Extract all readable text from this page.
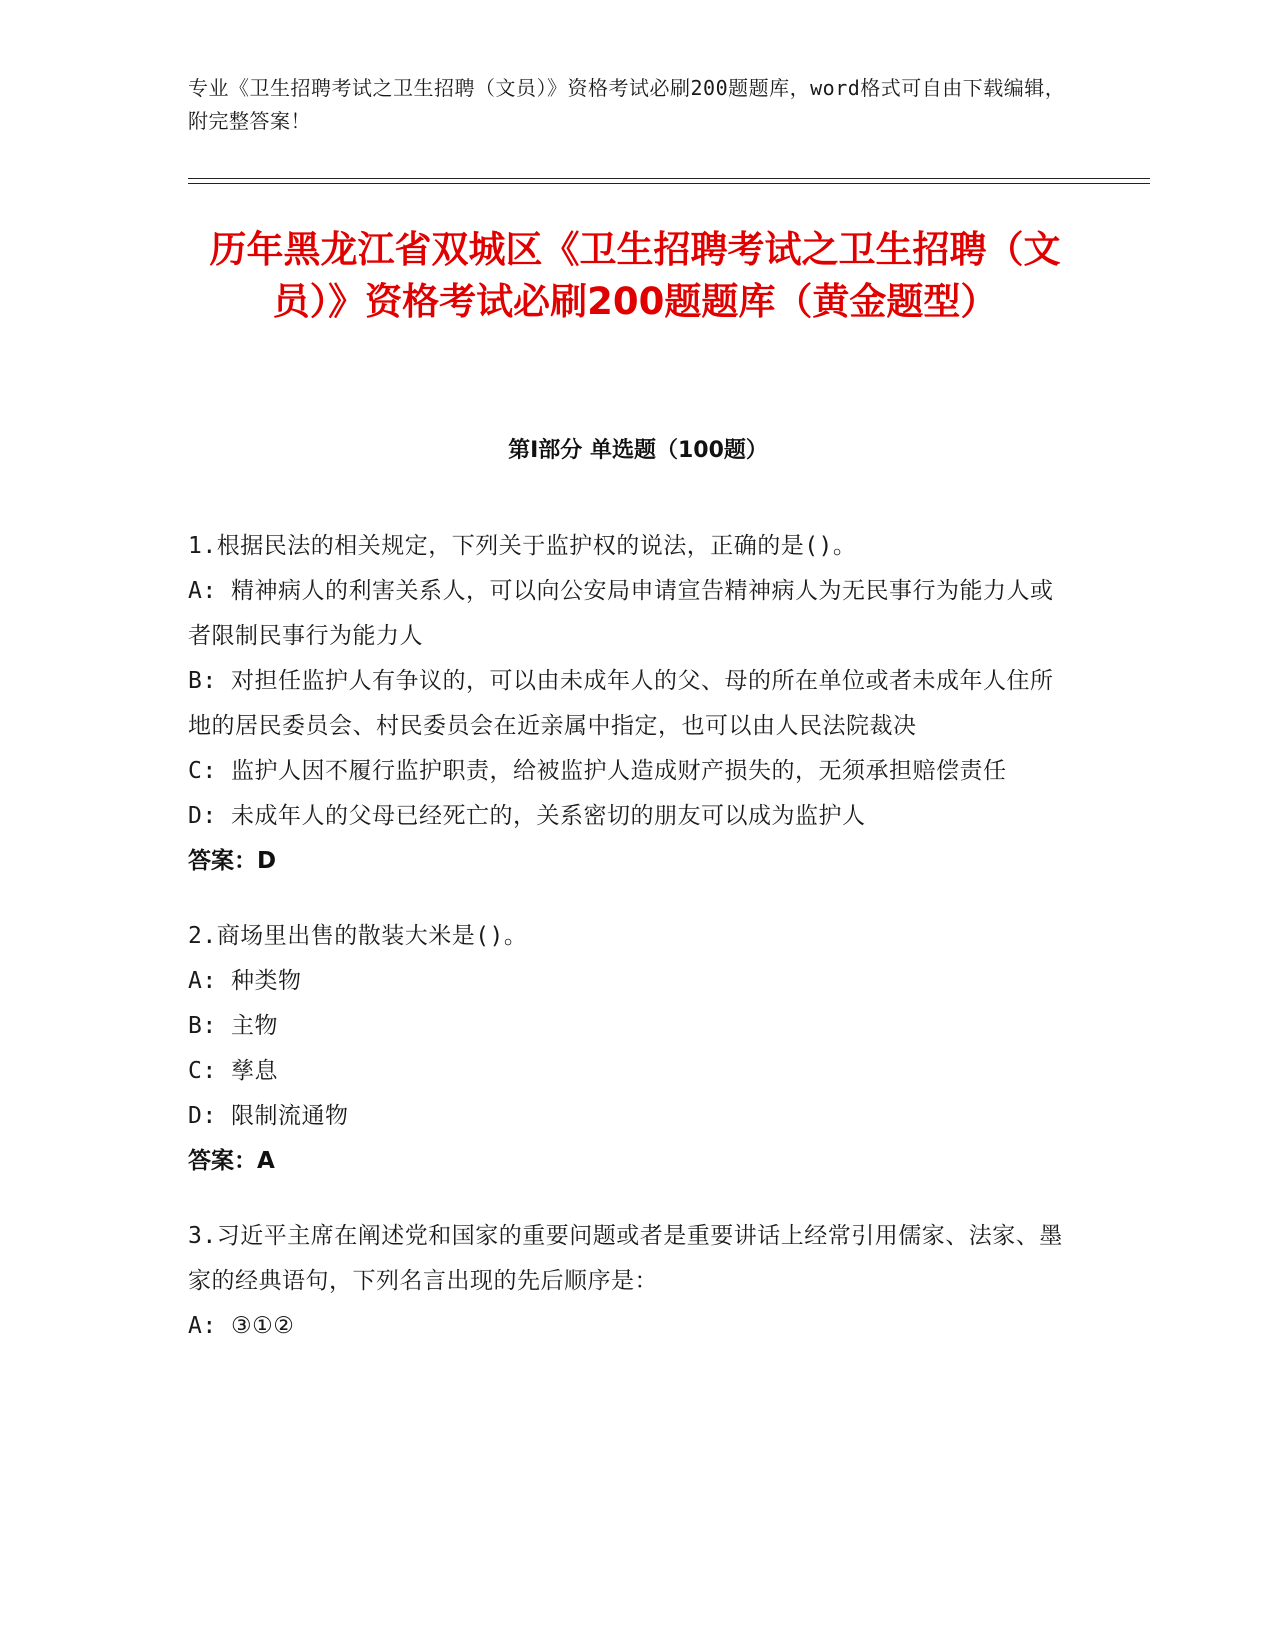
专业《卫生招聘考试之卫生招聘（文员）》资格考试必刷200题题库，word格式可自由下载编辑，附完整答案！
历年黑龙江省双城区《卫生招聘考试之卫生招聘（文员）》资格考试必刷200题题库（黄金题型）
第Ⅰ部分 单选题（100题）

1.根据民法的相关规定，下列关于监护权的说法，正确的是()。

A: 精神病人的利害关系人，可以向公安局申请宣告精神病人为无民事行为能力人或者限制民事行为能力人

B: 对担任监护人有争议的，可以由未成年人的父、母的所在单位或者未成年人住所地的居民委员会、村民委员会在近亲属中指定，也可以由人民法院裁决

C: 监护人因不履行监护职责，给被监护人造成财产损失的，无须承担赔偿责任

D: 未成年人的父母已经死亡的，关系密切的朋友可以成为监护人

答案：D

2.商场里出售的散装大米是()。

A: 种类物

B: 主物

C: 孳息

D: 限制流通物

答案：A

3.习近平主席在阐述党和国家的重要问题或者是重要讲话上经常引用儒家、法家、墨家的经典语句，下列名言出现的先后顺序是：

A: ③①②
